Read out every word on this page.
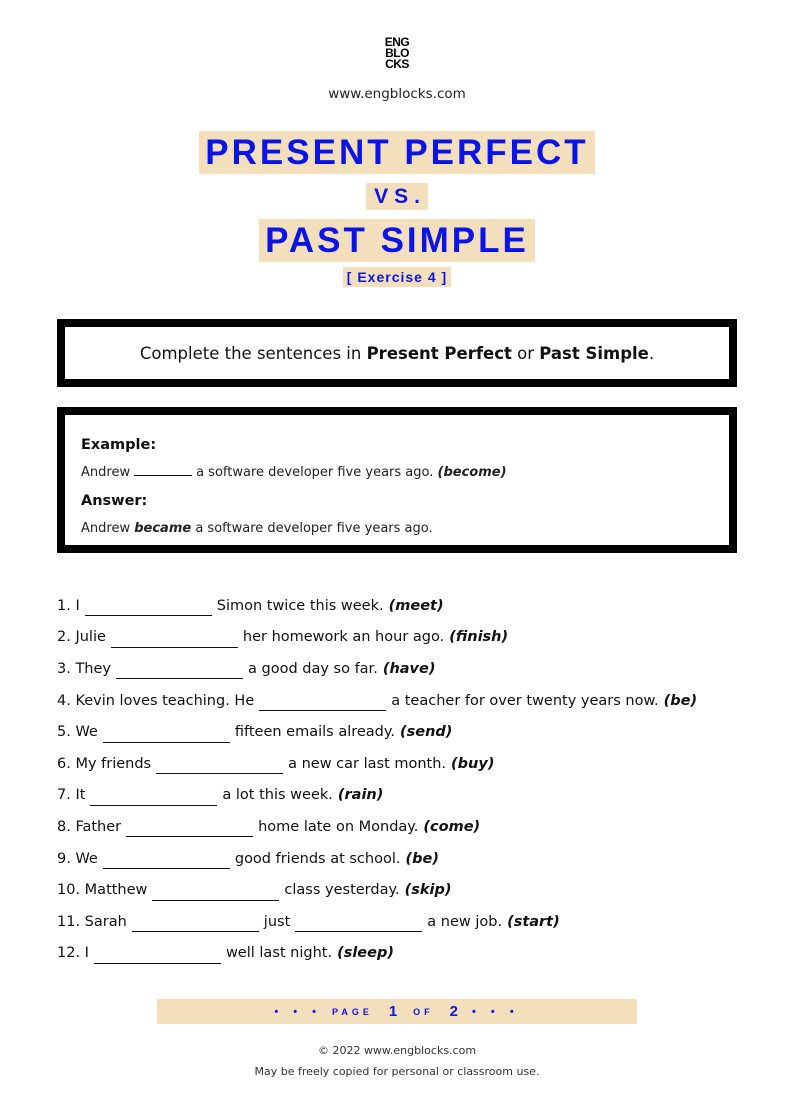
ENG
BLO
CKS
www.engblocks.com
PRESENT PERFECT
VS.
PAST SIMPLE
[ Exercise 4 ]
Complete the sentences in Present Perfect or Past Simple.
Example:
Andrew	a software developer five years ago. (become)
Answer:
Andrew became a software developer five years ago.
1. I	Simon twice this week. (meet)
2. Julie	her homework an hour ago. (finish)
3. They	a good day so far. (have)
4. Kevin loves teaching. He	a teacher for over twenty years now. (be)
5. We	fifteen emails already. (send)
6. My friends	a new car last month. (buy)
7. It	a lot this week. (rain)
8. Father	home late on Monday. (come)
9. We	good friends at school. (be)
10. Matthew	class yesterday. (skip)
11. Sarah	just	a new job. (start)
12. I	well last night. (sleep)
• • • PAGE 1 OF 2 • • •
© 2022 www.engblocks.com
May be freely copied for personal or classroom use.
